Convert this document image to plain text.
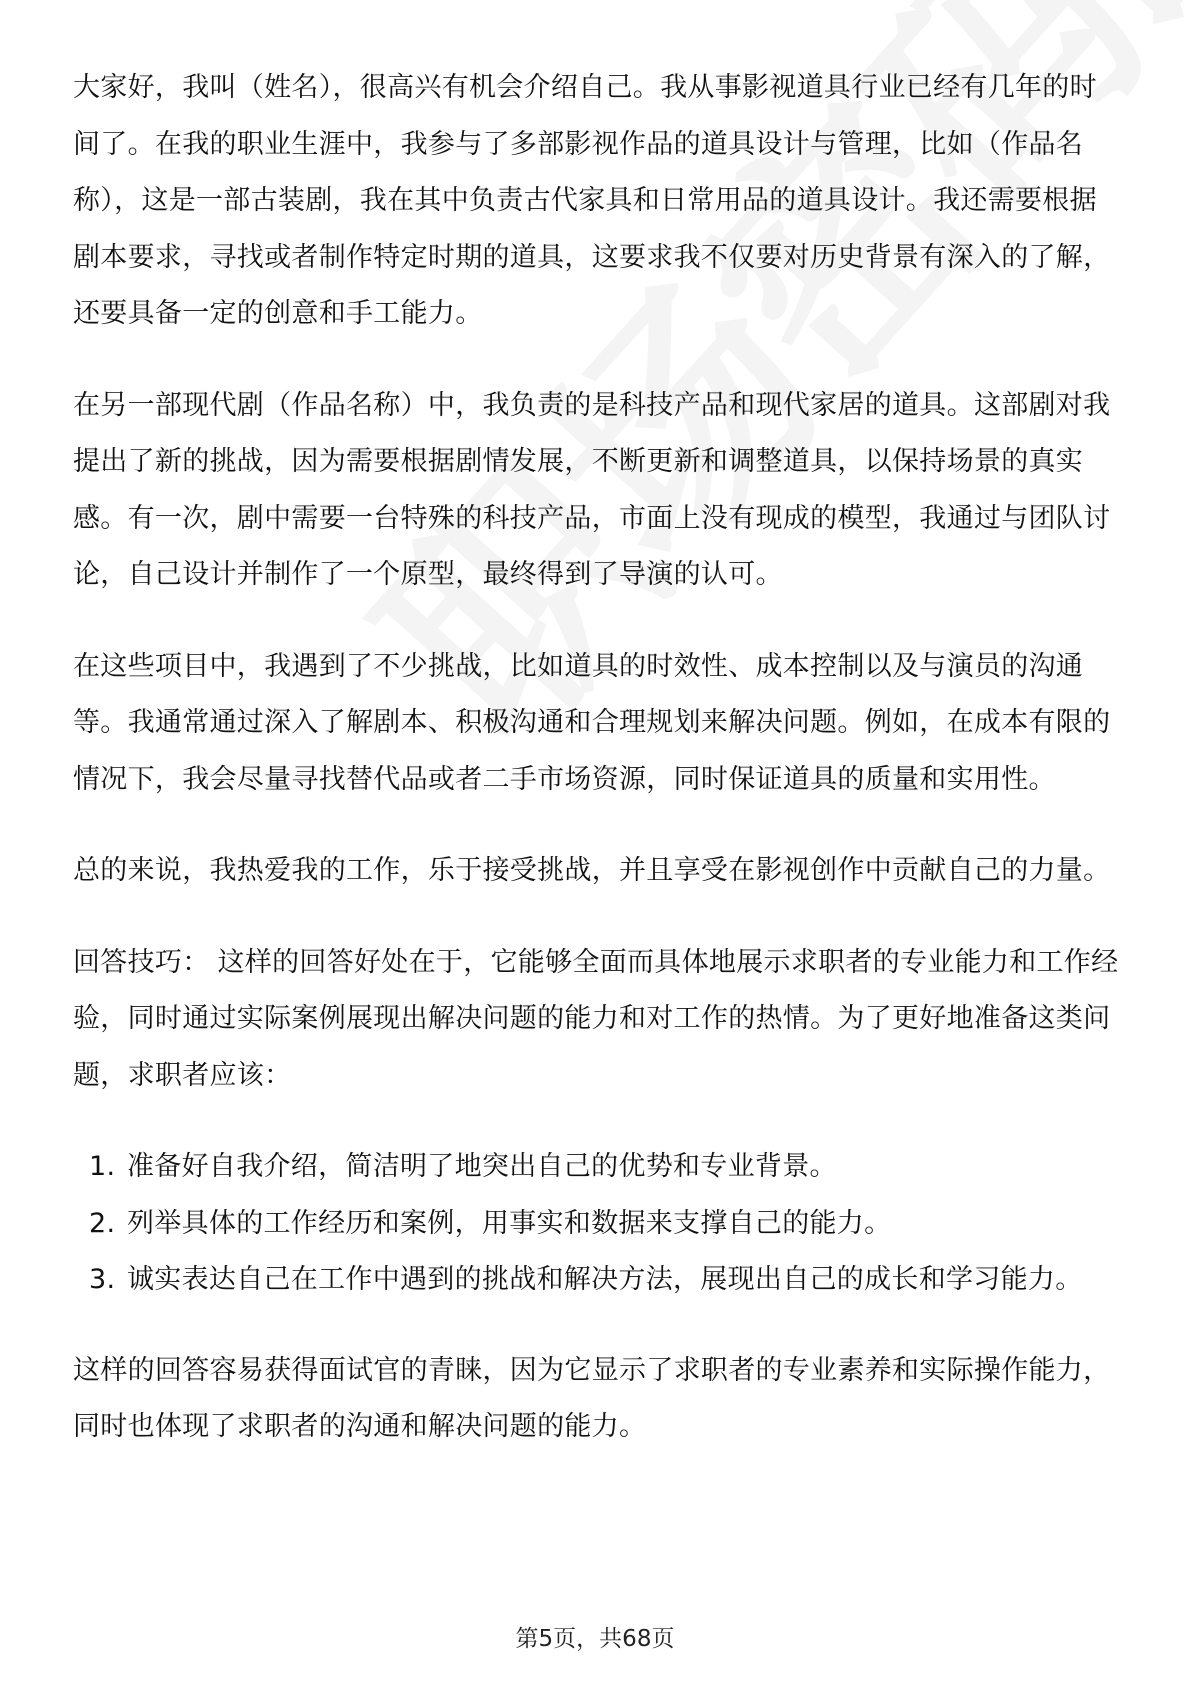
大家好，我叫（姓名），很高兴有机会介绍自己。我从事影视道具行业已经有几年的时间了。在我的职业生涯中，我参与了多部影视作品的道具设计与管理，比如（作品名称），这是一部古装剧，我在其中负责古代家具和日常用品的道具设计。我还需要根据剧本要求，寻找或者制作特定时期的道具，这要求我不仅要对历史背景有深入的了解，还要具备一定的创意和手工能力。

在另一部现代剧（作品名称）中，我负责的是科技产品和现代家居的道具。这部剧对我提出了新的挑战，因为需要根据剧情发展，不断更新和调整道具，以保持场景的真实感。有一次，剧中需要一台特殊的科技产品，市面上没有现成的模型，我通过与团队讨论，自己设计并制作了一个原型，最终得到了导演的认可。

在这些项目中，我遇到了不少挑战，比如道具的时效性、成本控制以及与演员的沟通等。我通常通过深入了解剧本、积极沟通和合理规划来解决问题。例如，在成本有限的情况下，我会尽量寻找替代品或者二手市场资源，同时保证道具的质量和实用性。

总的来说，我热爱我的工作，乐于接受挑战，并且享受在影视创作中贡献自己的力量。

回答技巧： 这样的回答好处在于，它能够全面而具体地展示求职者的专业能力和工作经验，同时通过实际案例展现出解决问题的能力和对工作的热情。为了更好地准备这类问题，求职者应该：

1. 准备好自我介绍，简洁明了地突出自己的优势和专业背景。
2. 列举具体的工作经历和案例，用事实和数据来支撑自己的能力。
3. 诚实表达自己在工作中遇到的挑战和解决方法，展现出自己的成长和学习能力。

这样的回答容易获得面试官的青睐，因为它显示了求职者的专业素养和实际操作能力，同时也体现了求职者的沟通和解决问题的能力。

第5页，共68页
